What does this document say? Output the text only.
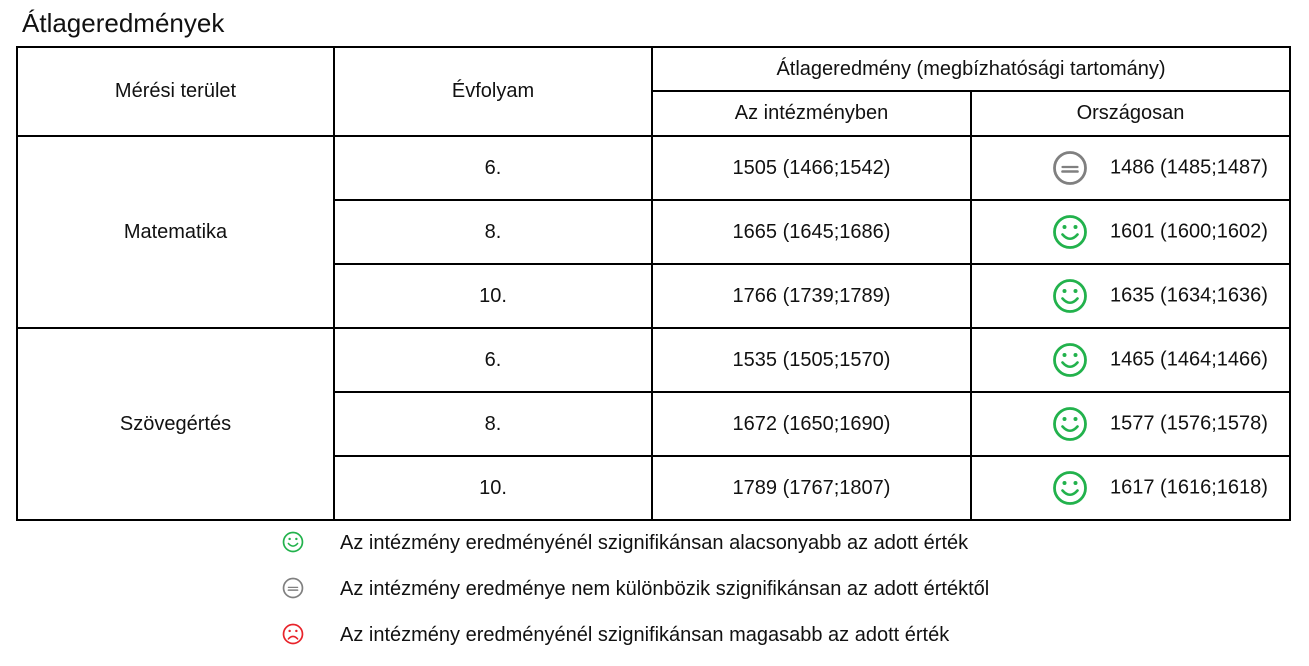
Átlageredmények
Mérési terület	Évfolyam	Átlageredmény (megbízhatósági tartomány)	
		Az intézményben	Országosan
Matematika	6.	1505 (1466;1542)	1486 (1485;1487)

	8.	1665 (1645;1686)	1601 (1600;1602)

	10.	1766 (1739;1789)	1635 (1634;1636)

Szövegértés	6.	1535 (1505;1570)	1465 (1464;1466)

	8.	1672 (1650;1690)	1577 (1576;1578)

	10.	1789 (1767;1807)	1617 (1616;1618)
Az intézmény eredményénél szignifikánsan alacsonyabb az adott érték
Az intézmény eredménye nem különbözik szignifikánsan az adott értéktől
Az intézmény eredményénél szignifikánsan magasabb az adott érték
